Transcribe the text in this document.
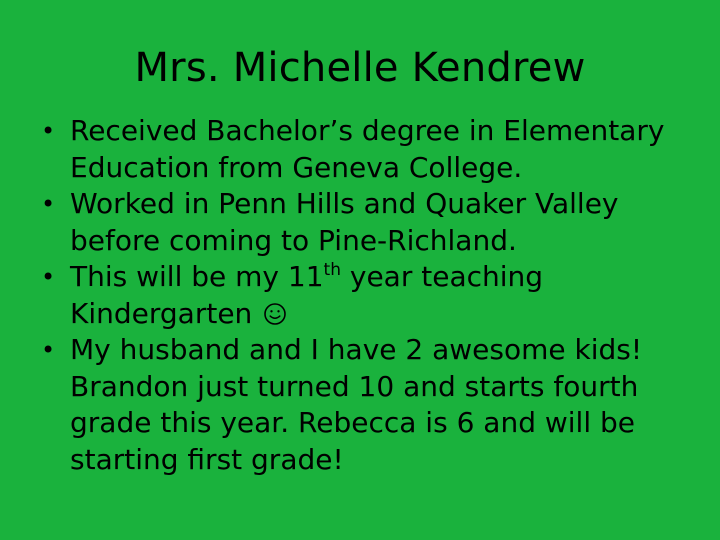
Mrs. Michelle Kendrew
• Received Bachelor’s degree in Elementary Education from Geneva College.
• Worked in Penn Hills and Quaker Valley before coming to Pine-Richland.
• This will be my 11th year teaching Kindergarten
• My husband and I have 2 awesome kids! Brandon just turned 10 and starts fourth grade this year. Rebecca is 6 and will be starting first grade!
